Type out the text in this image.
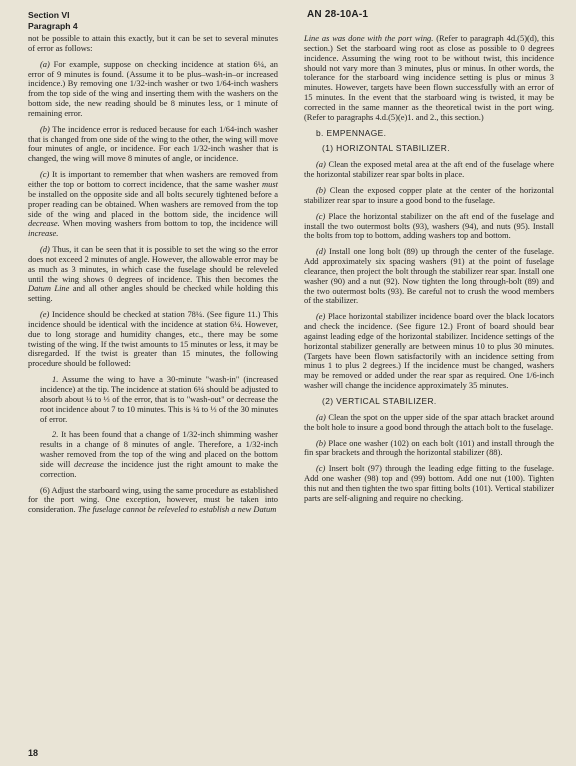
Section VI
Paragraph 4
AN 28-10A-1

not be possible to attain this exactly, but it can be set to several minutes of error as follows:

(a) For example, suppose on checking incidence at station 6¼, an error of 9 minutes is found. (Assume it to be plus–wash-in–or increased incidence.) By removing one 1/32-inch washer or two 1/64-inch washers from the top side of the wing and inserting them with the washers on the bottom side, the new reading should be 8 minutes less, or 1 minute of remaining error.

(b) The incidence error is reduced because for each 1/64-inch washer that is changed from one side of the wing to the other, the wing will move four minutes of angle, or incidence. For each 1/32-inch washer that is changed, the wing will move 8 minutes of angle, or incidence.

(c) It is important to remember that when washers are removed from either the top or bottom to correct incidence, that the same washer must be installed on the opposite side and all bolts securely tightened before a proper reading can be obtained. When washers are removed from the top side of the wing and placed in the bottom side, the incidence will decrease. When moving washers from bottom to top, the incidence will increase.

(d) Thus, it can be seen that it is possible to set the wing so the error does not exceed 2 minutes of angle. However, the allowable error may be as much as 3 minutes, in which case the fuselage should be releveled until the wing shows 0 degrees of incidence. This then becomes the Datum Line and all other angles should be checked while holding this setting.

(e) Incidence should be checked at station 78¼. (See figure 11.) This incidence should be identical with the incidence at station 6¼. However, due to long storage and humidity changes, etc., there may be some twisting of the wing. If the twist amounts to 15 minutes or less, it may be disregarded. If the twist is greater than 15 minutes, the following procedure should be followed:

1. Assume the wing to have a 30-minute "wash-in" (increased incidence) at the tip. The incidence at station 6¼ should be adjusted to absorb about ¼ to ⅓ of the error, that is to "wash-out" or decrease the root incidence about 7 to 10 minutes. This is ¼ to ⅓ of the 30 minutes of error.

2. It has been found that a change of 1/32-inch shimming washer results in a change of 8 minutes of angle. Therefore, a 1/32-inch washer removed from the top of the wing and placed on the bottom side will decrease the incidence just the right amount to make the correction.

(6) Adjust the starboard wing, using the same procedure as established for the port wing. One exception, however, must be taken into consideration. The fuselage cannot be releveled to establish a new Datum

Line as was done with the port wing. (Refer to paragraph 4d.(5)(d), this section.) Set the starboard wing root as close as possible to 0 degrees incidence. Assuming the wing root to be without twist, this incidence should not vary more than 3 minutes, plus or minus. In other words, the tolerance for the starboard wing incidence setting is plus or minus 3 minutes. However, targets have been flown successfully with an error of 15 minutes. In the event that the starboard wing is twisted, it may be corrected in the same manner as the theoretical twist in the port wing. (Refer to paragraphs 4.d.(5)(e)1. and 2., this section.)

b. EMPENNAGE.
(1) HORIZONTAL STABILIZER.

(a) Clean the exposed metal area at the aft end of the fuselage where the horizontal stabilizer rear spar bolts in place.

(b) Clean the exposed copper plate at the center of the horizontal stabilizer rear spar to insure a good bond to the fuselage.

(c) Place the horizontal stabilizer on the aft end of the fuselage and install the two outermost bolts (93), washers (94), and nuts (95). Install the bolts from top to bottom, adding washers top and bottom.

(d) Install one long bolt (89) up through the center of the fuselage. Add approximately six spacing washers (91) at the point of fuselage clearance, then project the bolt through the stabilizer rear spar. Install one washer (90) and a nut (92). Now tighten the long through-bolt (89) and the two outermost bolts (93). Be careful not to crush the wood members of the stabilizer.

(e) Place horizontal stabilizer incidence board over the black locators and check the incidence. (See figure 12.) Front of board should bear against leading edge of the horizontal stabilizer. Incidence settings of the horizontal stabilizer generally are between minus 10 to plus 30 minutes. (Targets have been flown satisfactorily with an incidence setting from minus 1 to plus 2 degrees.) If the incidence must be changed, washers may be removed or added under the rear spar as required. One 1/6-inch washer will change the incidence approximately 35 minutes.

(2) VERTICAL STABILIZER.

(a) Clean the spot on the upper side of the spar attach bracket around the bolt hole to insure a good bond through the attach bolt to the fuselage.

(b) Place one washer (102) on each bolt (101) and install through the fin spar brackets and through the horizontal stabilizer (88).

(c) Insert bolt (97) through the leading edge fitting to the fuselage. Add one washer (98) top and (99) bottom. Add one nut (100). Tighten this nut and then tighten the two spar fitting bolts (101). Vertical stabilizer parts are self-aligning and require no checking.

18
